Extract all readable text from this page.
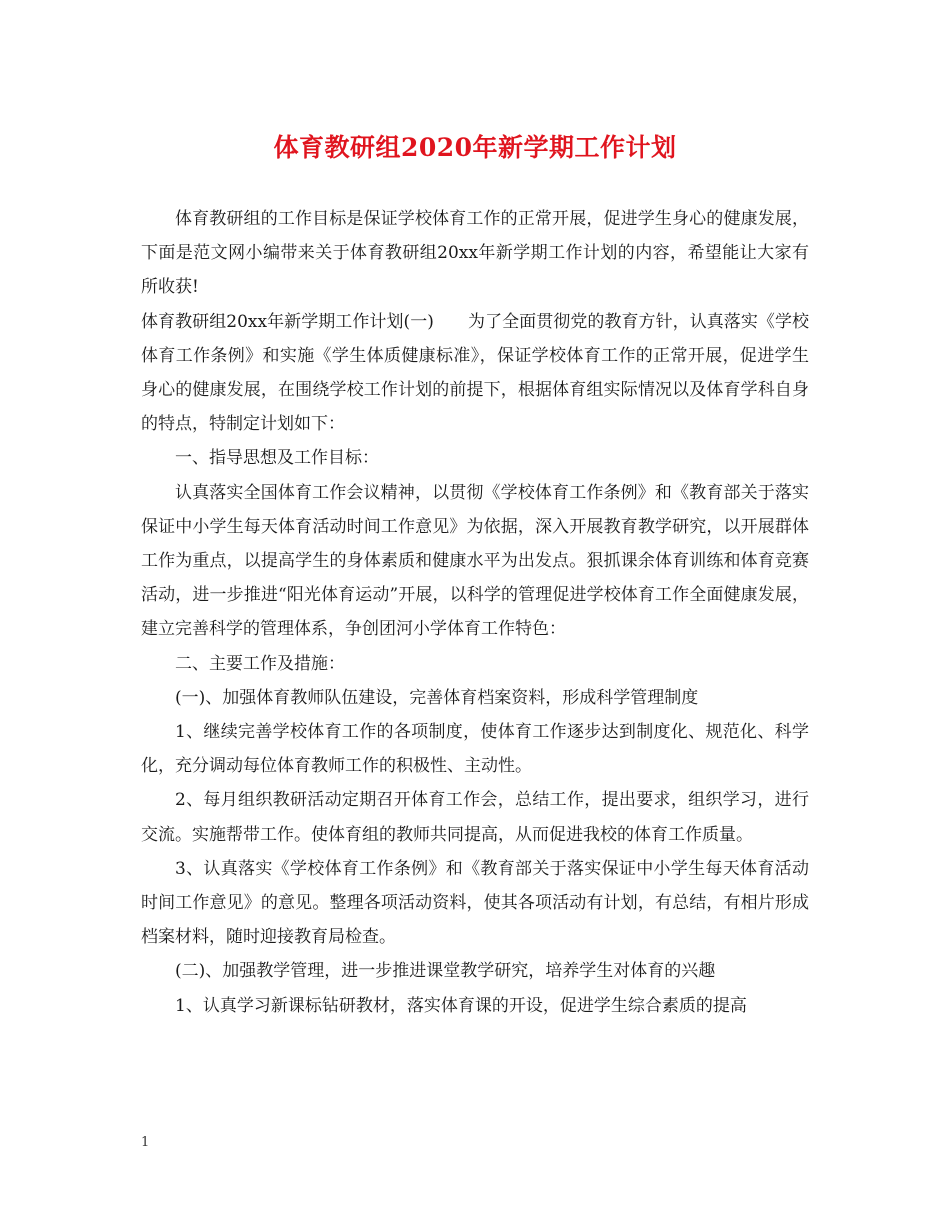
体育教研组2020年新学期工作计划

体育教研组的工作目标是保证学校体育工作的正常开展，促进学生身心的健康发展，下面是范文网小编带来关于体育教研组20xx年新学期工作计划的内容，希望能让大家有所收获!

体育教研组20xx年新学期工作计划(一)　　为了全面贯彻党的教育方针，认真落实《学校体育工作条例》和实施《学生体质健康标准》，保证学校体育工作的正常开展，促进学生身心的健康发展，在围绕学校工作计划的前提下，根据体育组实际情况以及体育学科自身的特点，特制定计划如下：

一、指导思想及工作目标：

认真落实全国体育工作会议精神，以贯彻《学校体育工作条例》和《教育部关于落实保证中小学生每天体育活动时间工作意见》为依据，深入开展教育教学研究，以开展群体工作为重点，以提高学生的身体素质和健康水平为出发点。狠抓课余体育训练和体育竞赛活动，进一步推进“阳光体育运动”开展，以科学的管理促进学校体育工作全面健康发展，建立完善科学的管理体系，争创团河小学体育工作特色：

二、主要工作及措施：

(一)、加强体育教师队伍建设，完善体育档案资料，形成科学管理制度

1、继续完善学校体育工作的各项制度，使体育工作逐步达到制度化、规范化、科学化，充分调动每位体育教师工作的积极性、主动性。

2、每月组织教研活动定期召开体育工作会，总结工作，提出要求，组织学习，进行交流。实施帮带工作。使体育组的教师共同提高，从而促进我校的体育工作质量。

3、认真落实《学校体育工作条例》和《教育部关于落实保证中小学生每天体育活动时间工作意见》的意见。整理各项活动资料，使其各项活动有计划，有总结，有相片形成档案材料，随时迎接教育局检查。

(二)、加强教学管理，进一步推进课堂教学研究，培养学生对体育的兴趣

1、认真学习新课标钻研教材，落实体育课的开设，促进学生综合素质的提高

1
